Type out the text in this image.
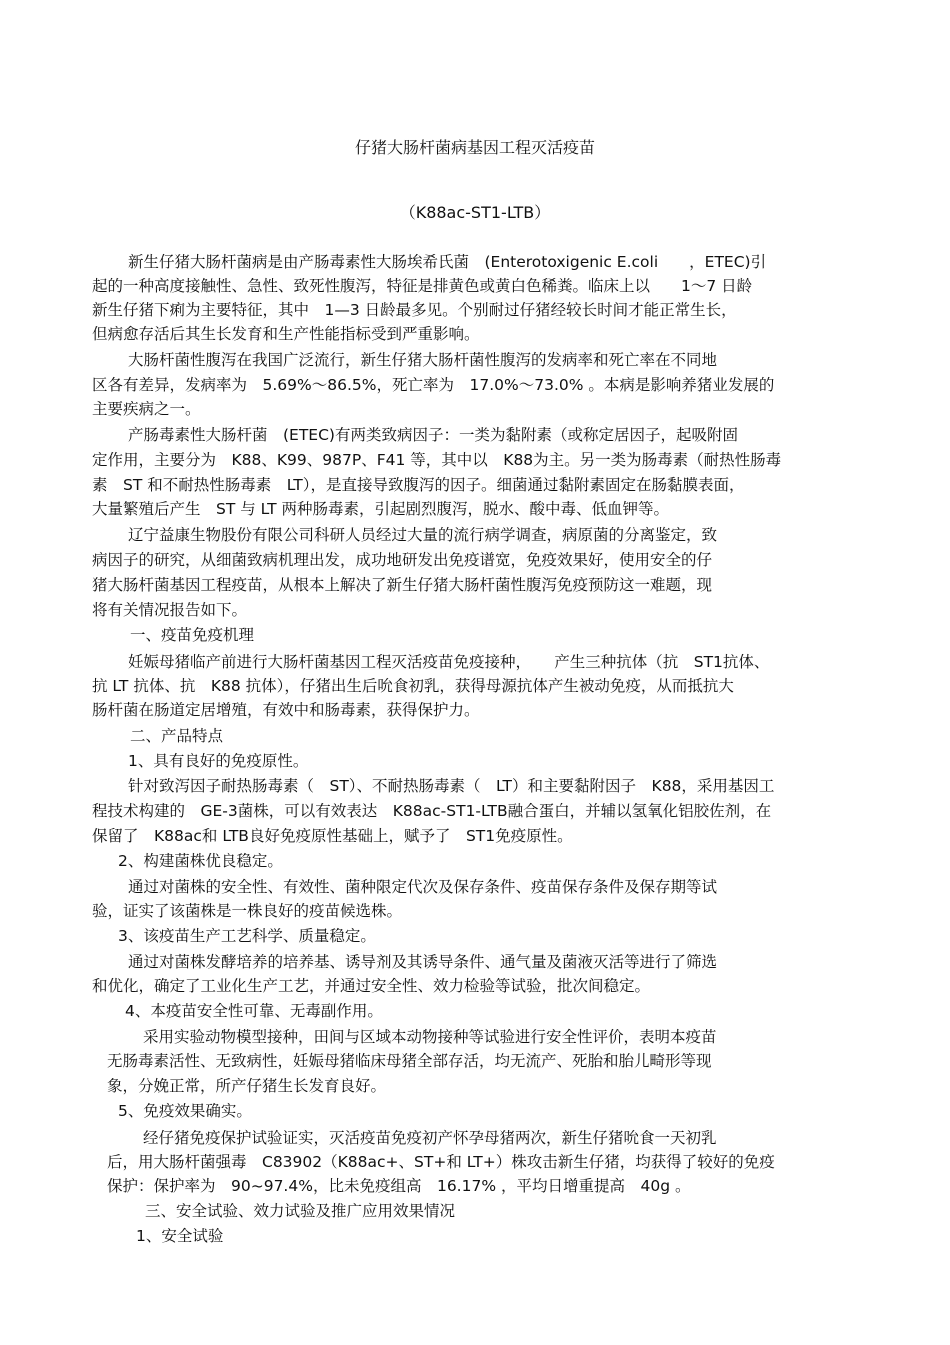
仔猪大肠杆菌病基因工程灭活疫苗
（K88ac-ST1-LTB）
新生仔猪大肠杆菌病是由产肠毒素性大肠埃希氏菌　(Enterotoxigenic E.coli　　，ETEC)引
起的一种高度接触性、急性、致死性腹泻，特征是排黄色或黄白色稀粪。临床上以　　1～7 日龄
新生仔猪下痢为主要特征，其中　1—3 日龄最多见。个别耐过仔猪经较长时间才能正常生长，
但病愈存活后其生长发育和生产性能指标受到严重影响。
大肠杆菌性腹泻在我国广泛流行，新生仔猪大肠杆菌性腹泻的发病率和死亡率在不同地
区各有差异，发病率为　5.69%～86.5%，死亡率为　17.0%～73.0% 。本病是影响养猪业发展的
主要疾病之一。
产肠毒素性大肠杆菌　(ETEC)有两类致病因子：一类为黏附素（或称定居因子，起吸附固
定作用，主要分为　K88、K99、987P、F41 等，其中以　K88为主。另一类为肠毒素（耐热性肠毒
素　ST 和不耐热性肠毒素　LT），是直接导致腹泻的因子。细菌通过黏附素固定在肠黏膜表面，
大量繁殖后产生　ST 与 LT 两种肠毒素，引起剧烈腹泻，脱水、酸中毒、低血钾等。
辽宁益康生物股份有限公司科研人员经过大量的流行病学调查，病原菌的分离鉴定，致
病因子的研究，从细菌致病机理出发，成功地研发出免疫谱宽，免疫效果好，使用安全的仔
猪大肠杆菌基因工程疫苗，从根本上解决了新生仔猪大肠杆菌性腹泻免疫预防这一难题，现
将有关情况报告如下。
一、疫苗免疫机理
妊娠母猪临产前进行大肠杆菌基因工程灭活疫苗免疫接种，　　产生三种抗体（抗　ST1抗体、
抗 LT 抗体、抗　K88 抗体），仔猪出生后吮食初乳，获得母源抗体产生被动免疫，从而抵抗大
肠杆菌在肠道定居增殖，有效中和肠毒素，获得保护力。
二、产品特点
1、具有良好的免疫原性。
针对致泻因子耐热肠毒素（　ST）、不耐热肠毒素（　LT）和主要黏附因子　K88，采用基因工
程技术构建的　GE-3菌株，可以有效表达　K88ac-ST1-LTB融合蛋白，并辅以氢氧化铝胶佐剂，在
保留了　K88ac和 LTB良好免疫原性基础上，赋予了　ST1免疫原性。
2、构建菌株优良稳定。
通过对菌株的安全性、有效性、菌种限定代次及保存条件、疫苗保存条件及保存期等试
验，证实了该菌株是一株良好的疫苗候选株。
3、该疫苗生产工艺科学、质量稳定。
通过对菌株发酵培养的培养基、诱导剂及其诱导条件、通气量及菌液灭活等进行了筛选
和优化，确定了工业化生产工艺，并通过安全性、效力检验等试验，批次间稳定。
4、本疫苗安全性可靠、无毒副作用。
采用实验动物模型接种，田间与区域本动物接种等试验进行安全性评价，表明本疫苗
无肠毒素活性、无致病性，妊娠母猪临床母猪全部存活，均无流产、死胎和胎儿畸形等现
象，分娩正常，所产仔猪生长发育良好。
5、免疫效果确实。
经仔猪免疫保护试验证实，灭活疫苗免疫初产怀孕母猪两次，新生仔猪吮食一天初乳
后，用大肠杆菌强毒　C83902（K88ac+、ST+和 LT+）株攻击新生仔猪，均获得了较好的免疫
保护：保护率为　90~97.4%，比未免疫组高　16.17% ，平均日增重提高　40g 。
三、安全试验、效力试验及推广应用效果情况
1、安全试验
